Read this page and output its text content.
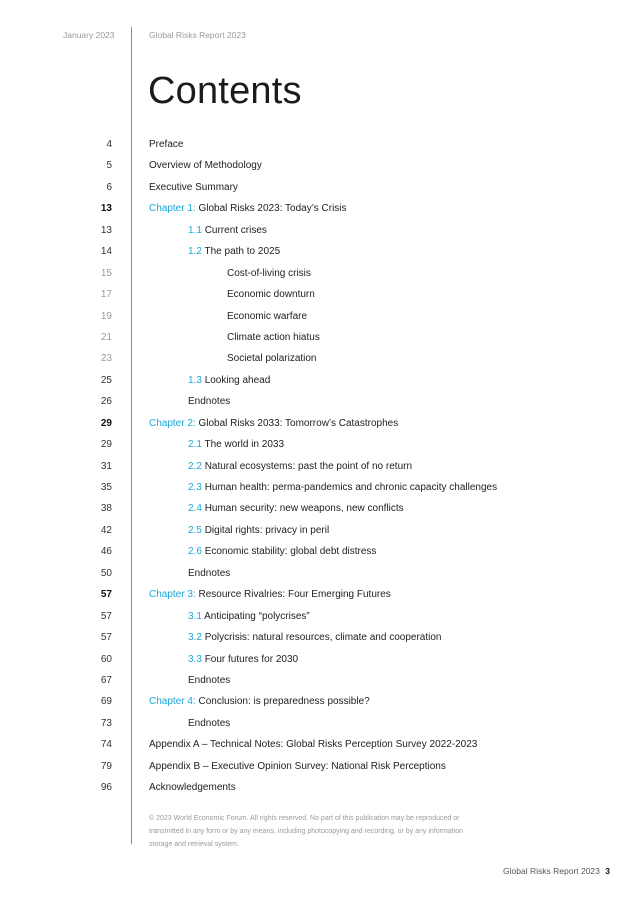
January 2023	Global Risks Report 2023
Contents
4	Preface
5	Overview of Methodology
6	Executive Summary
13	Chapter 1: Global Risks 2023: Today’s Crisis
13	1.1 Current crises
14	1.2 The path to 2025
15	Cost-of-living crisis
17	Economic downturn
19	Economic warfare
21	Climate action hiatus
23	Societal polarization
25	1.3 Looking ahead
26	Endnotes
29	Chapter 2: Global Risks 2033: Tomorrow’s Catastrophes
29	2.1 The world in 2033
31	2.2 Natural ecosystems: past the point of no return
35	2.3 Human health: perma-pandemics and chronic capacity challenges
38	2.4 Human security: new weapons, new conflicts
42	2.5 Digital rights: privacy in peril
46	2.6 Economic stability: global debt distress
50	Endnotes
57	Chapter 3: Resource Rivalries: Four Emerging Futures
57	3.1 Anticipating “polycrises”
57	3.2 Polycrisis: natural resources, climate and cooperation
60	3.3 Four futures for 2030
67	Endnotes
69	Chapter 4: Conclusion: is preparedness possible?
73	Endnotes
74	Appendix A – Technical Notes: Global Risks Perception Survey 2022-2023
79	Appendix B – Executive Opinion Survey: National Risk Perceptions
96	Acknowledgements
© 2023 World Economic Forum. All rights reserved. No part of this publication may be reproduced or transmitted in any form or by any means, including photocopying and recording, or by any information storage and retrieval system.
Global Risks Report 2023 3
